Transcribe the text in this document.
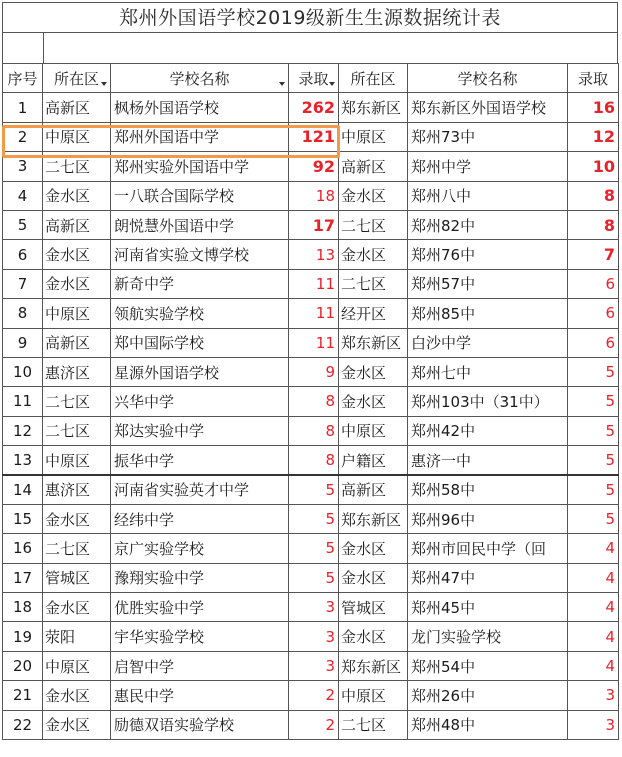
郑州外国语学校2019级新生生源数据统计表
序号	所在区	学校名称	录取	所在区	学校名称	录取
1	高新区	枫杨外国语学校	262	郑东新区	郑东新区外国语学校	16
2	中原区	郑州外国语中学	121	中原区	郑州73中	12
3	二七区	郑州实验外国语中学	92	高新区	郑州中学	10
4	金水区	一八联合国际学校	18	金水区	郑州八中	8
5	高新区	朗悦慧外国语中学	17	二七区	郑州82中	8
6	金水区	河南省实验文博学校	13	金水区	郑州76中	7
7	金水区	新奇中学	11	二七区	郑州57中	6
8	中原区	领航实验学校	11	经开区	郑州85中	6
9	高新区	郑中国际学校	11	郑东新区	白沙中学	6
10	惠济区	星源外国语学校	9	金水区	郑州七中	5
11	二七区	兴华中学	8	金水区	郑州103中（31中）	5
12	二七区	郑达实验中学	8	中原区	郑州42中	5
13	中原区	振华中学	8	户籍区	惠济一中	5
14	惠济区	河南省实验英才中学	5	高新区	郑州58中	5
15	金水区	经纬中学	5	郑东新区	郑州96中	5
16	二七区	京广实验学校	5	金水区	郑州市回民中学（回	4
17	管城区	豫翔实验中学	5	金水区	郑州47中	4
18	金水区	优胜实验中学	3	管城区	郑州45中	4
19	荥阳	宇华实验学校	3	金水区	龙门实验学校	4
20	中原区	启智中学	3	郑东新区	郑州54中	4
21	金水区	惠民中学	2	中原区	郑州26中	3
22	金水区	励德双语实验学校	2	二七区	郑州48中	3
